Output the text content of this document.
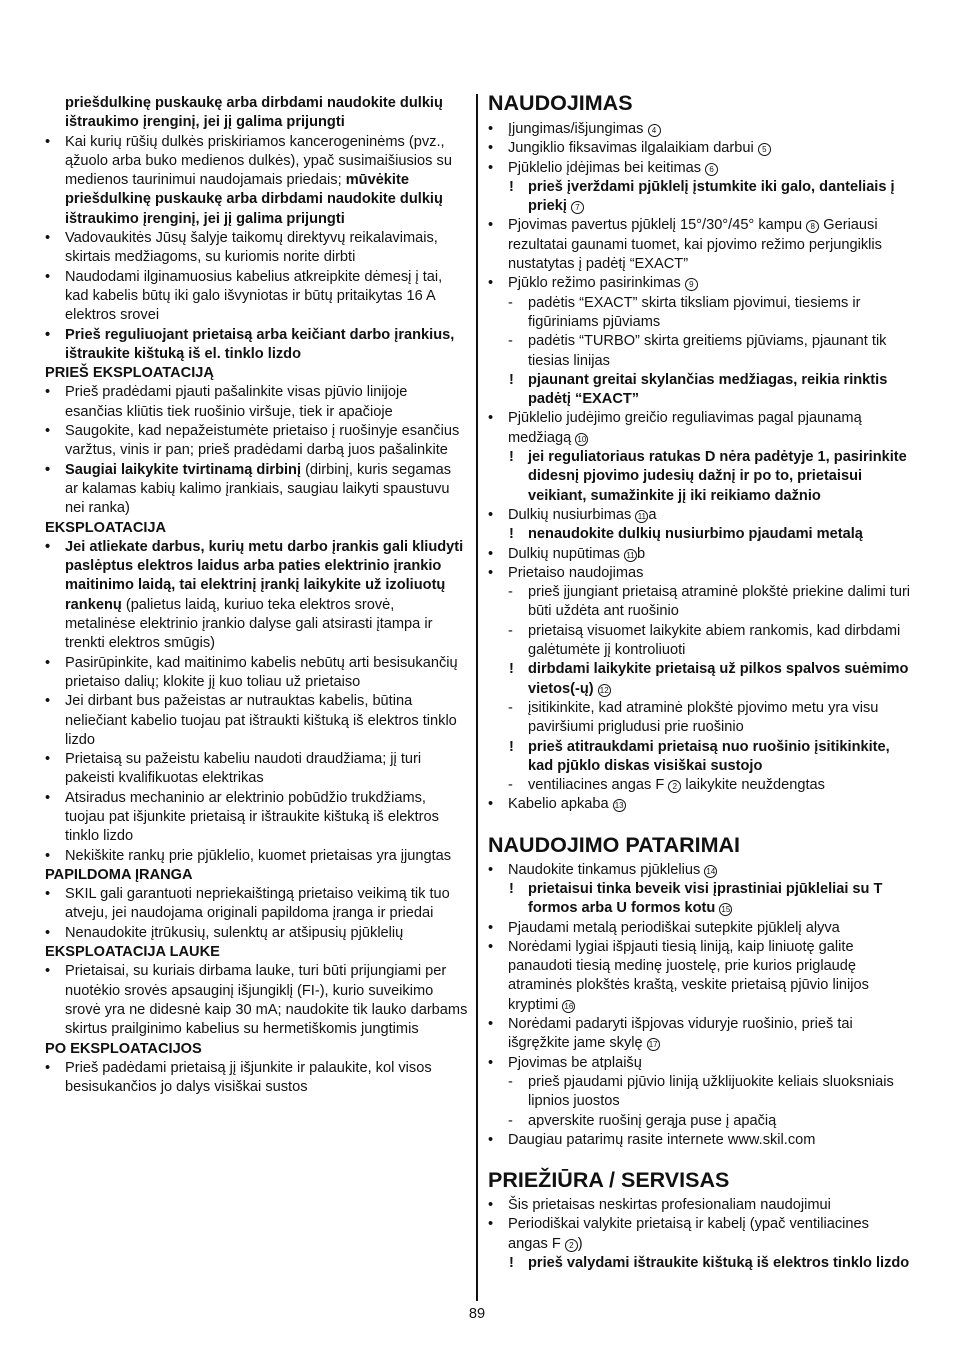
priešdulkinę puskaukę arba dirbdami naudokite dulkių ištraukimo įrenginį, jei jį galima prijungti
• Kai kurių rūšių dulkės priskiriamos kancerogeninėms (pvz., ąžuolo arba buko medienos dulkės), ypač susimaišiusios su medienos taurinimui naudojamais priedais; mūvėkite priešdulkinę puskaukę arba dirbdami naudokite dulkių ištraukimo įrenginį, jei jį galima prijungti
• Vadovaukitės Jūsų šalyje taikomų direktyvų reikalavimais, skirtais medžiagoms, su kuriomis norite dirbti
• Naudodami ilginamuosius kabelius atkreipkite dėmesį į tai, kad kabelis būtų iki galo išvyniotas ir būtų pritaikytas 16 A elektros srovei
• Prieš reguliuojant prietaisą arba keičiant darbo įrankius, ištraukite kištuką iš el. tinklo lizdo
PRIEŠ EKSPLOATACIJĄ
• Prieš pradėdami pjauti pašalinkite visas pjūvio linijoje esančias kliūtis tiek ruošinio viršuje, tiek ir apačioje
• Saugokite, kad nepažeistumėte prietaiso į ruošinyje esančius varžtus, vinis ir pan; prieš pradėdami darbą juos pašalinkite
• Saugiai laikykite tvirtinamą dirbinį (dirbinį, kuris segamas ar kalamas kabių kalimo įrankiais, saugiau laikyti spaustuvu nei ranka)
EKSPLOATACIJA
• Jei atliekate darbus, kurių metu darbo įrankis gali kliudyti paslėptus elektros laidus arba paties elektrinio įrankio maitinimo laidą, tai elektrinį įrankį laikykite už izoliuotų rankenų (palietus laidą, kuriuo teka elektros srovė, metalinėse elektrinio įrankio dalyse gali atsirasti įtampa ir trenkti elektros smūgis)
• Pasirūpinkite, kad maitinimo kabelis nebūtų arti besisukančių prietaiso dalių; klokite jį kuo toliau už prietaiso
• Jei dirbant bus pažeistas ar nutrauktas kabelis, būtina neliečiant kabelio tuojau pat ištraukti kištuką iš elektros tinklo lizdo
• Prietaisą su pažeistu kabeliu naudoti draudžiama; jį turi pakeisti kvalifikuotas elektrikas
• Atsiradus mechaninio ar elektrinio pobūdžio trukdžiams, tuojau pat išjunkite prietaisą ir ištraukite kištuką iš elektros tinklo lizdo
• Nekiškite rankų prie pjūklelio, kuomet prietaisas yra įjungtas
PAPILDOMA ĮRANGA
• SKIL gali garantuoti nepriekaištingą prietaiso veikimą tik tuo atveju, jei naudojama originali papildoma įranga ir priedai
• Nenaudokite įtrūkusių, sulenktų ar atšipusių pjūklelių
EKSPLOATACIJA LAUKE
• Prietaisai, su kuriais dirbama lauke, turi būti prijungiami per nuotėkio srovės apsauginį išjungiklį (FI-), kurio suveikimo srovė yra ne didesnė kaip 30 mA; naudokite tik lauko darbams skirtus prailginimo kabelius su hermetiškomis jungtimis
PO EKSPLOATACIJOS
• Prieš padėdami prietaisą jį išjunkite ir palaukite, kol visos besisukančios jo dalys visiškai sustos
NAUDOJIMAS
• Įjungimas/išjungimas 4
• Jungiklio fiksavimas ilgalaikiam darbui 5
• Pjūklelio įdėjimas bei keitimas 6
! prieš įverždami pjūklelį įstumkite iki galo, danteliais į priekį 7
• Pjovimas pavertus pjūklelį 15°/30°/45° kampu 8 Geriausi rezultatai gaunami tuomet, kai pjovimo režimo perjungiklis nustatytas į padėtį “EXACT”
• Pjūklo režimo pasirinkimas 9
- padėtis “EXACT” skirta tiksliam pjovimui, tiesiems ir figūriniams pjūviams
- padėtis “TURBO” skirta greitiems pjūviams, pjaunant tik tiesias linijas
! pjaunant greitai skylančias medžiagas, reikia rinktis padėtį “EXACT”
• Pjūklelio judėjimo greičio reguliavimas pagal pjaunamą medžiagą 10
! jei reguliatoriaus ratukas D nėra padėtyje 1, pasirinkite didesnį pjovimo judesių dažnį ir po to, prietaisui veikiant, sumažinkite jį iki reikiamo dažnio
• Dulkių nusiurbimas 11 a
! nenaudokite dulkių nusiurbimo pjaudami metalą
• Dulkių nupūtimas 11 b
• Prietaiso naudojimas
- prieš įjungiant prietaisą atraminė plokštė priekine dalimi turi būti uždėta ant ruošinio
- prietaisą visuomet laikykite abiem rankomis, kad dirbdami galėtumėte jį kontroliuoti
! dirbdami laikykite prietaisą už pilkos spalvos suėmimo vietos(-ų) 12
- įsitikinkite, kad atraminė plokštė pjovimo metu yra visu paviršiumi prigludusi prie ruošinio
! prieš atitraukdami prietaisą nuo ruošinio įsitikinkite, kad pjūklo diskas visiškai sustojo
- ventiliacines angas F 2 laikykite neuždengtas
• Kabelio apkaba 13
NAUDOJIMO PATARIMAI
• Naudokite tinkamus pjūklelius 14
! prietaisui tinka beveik visi įprastiniai pjūkleliai su T formos arba U formos kotu 15
• Pjaudami metalą periodiškai sutepkite pjūklelį alyva
• Norėdami lygiai išpjauti tiesią liniją, kaip liniuotę galite panaudoti tiesią medinę juostelę, prie kurios priglaudę atraminės plokštės kraštą, veskite prietaisą pjūvio linijos kryptimi 16
• Norėdami padaryti išpjovas viduryje ruošinio, prieš tai išgręžkite jame skylę 17
• Pjovimas be atplaišų
- prieš pjaudami pjūvio liniją užklijuokite keliais sluoksniais lipnios juostos
- apverskite ruošinį gerąja puse į apačią
• Daugiau patarimų rasite internete www.skil.com
PRIEŽIŪRA / SERVISAS
• Šis prietaisas neskirtas profesionaliam naudojimui
• Periodiškai valykite prietaisą ir kabelį (ypač ventiliacines angas F 2 )
! prieš valydami ištraukite kištuką iš elektros tinklo lizdo
89
